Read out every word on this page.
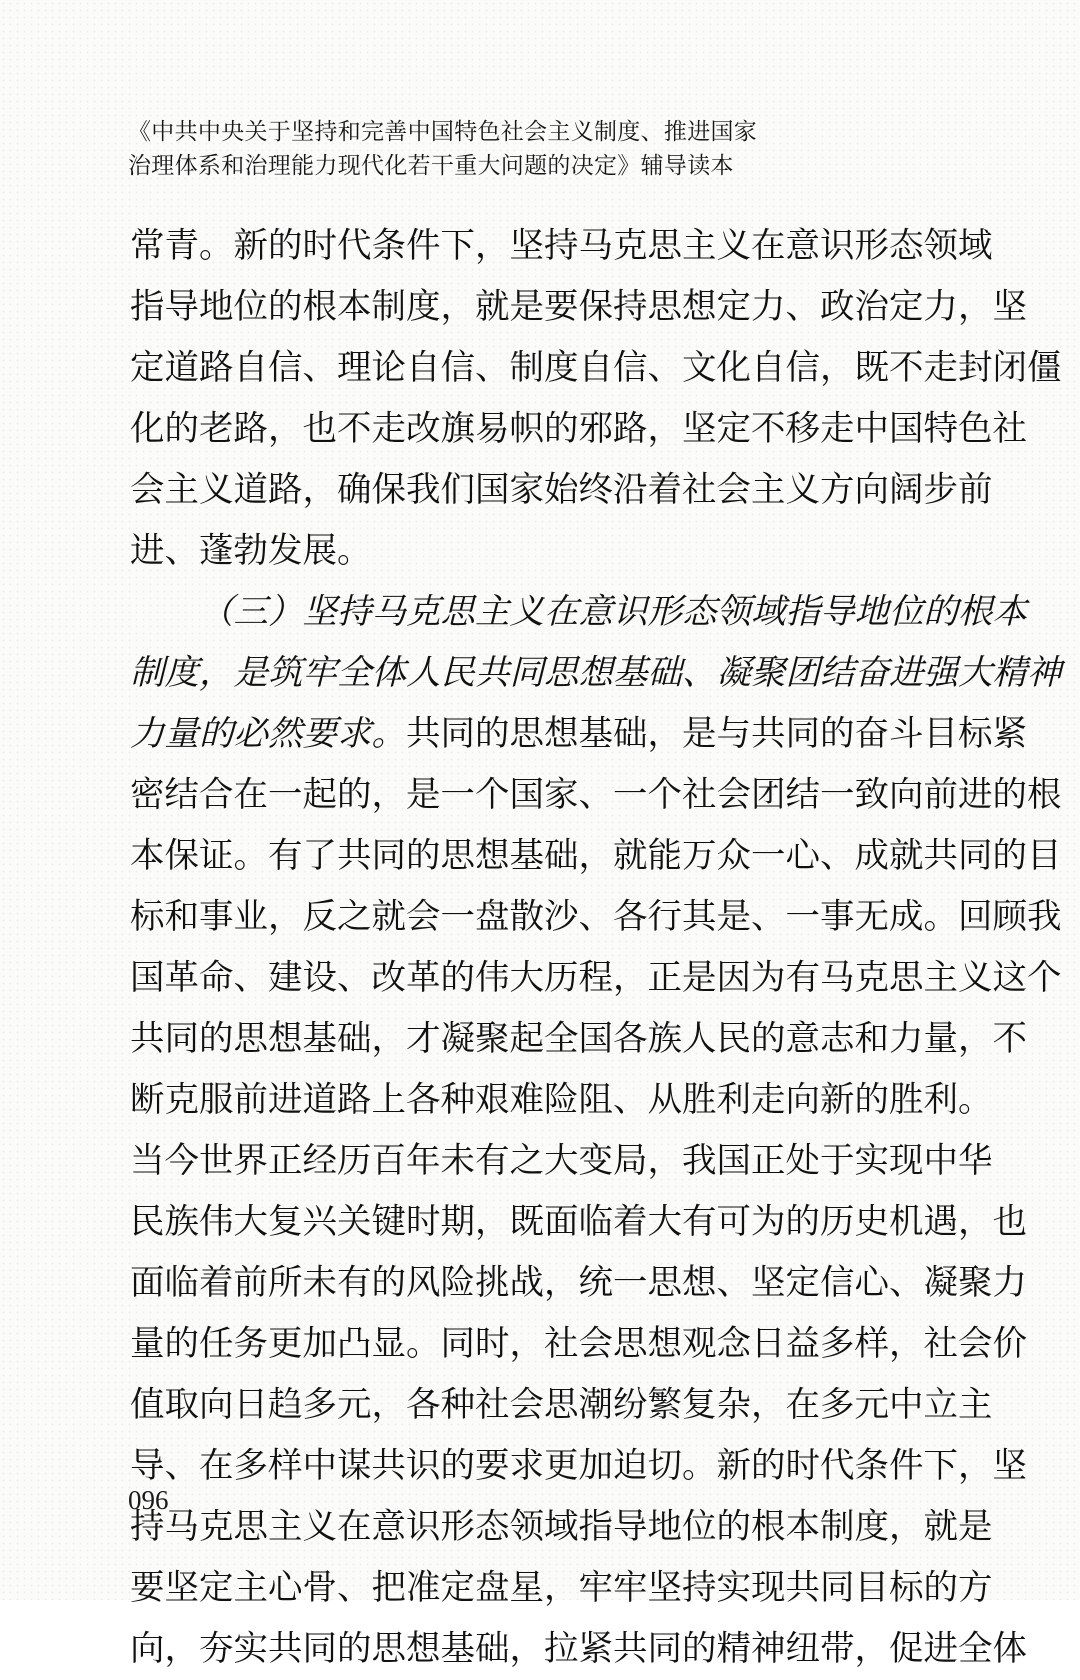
《中共中央关于坚持和完善中国特色社会主义制度、推进国家
治理体系和治理能力现代化若干重大问题的决定》辅导读本
常青。新的时代条件下，坚持马克思主义在意识形态领域
指导地位的根本制度，就是要保持思想定力、政治定力，坚
定道路自信、理论自信、制度自信、文化自信，既不走封闭僵
化的老路，也不走改旗易帜的邪路，坚定不移走中国特色社
会主义道路，确保我们国家始终沿着社会主义方向阔步前
进、蓬勃发展。
（三）坚持马克思主义在意识形态领域指导地位的根本
制度，是筑牢全体人民共同思想基础、凝聚团结奋进强大精神
力量的必然要求。共同的思想基础，是与共同的奋斗目标紧
密结合在一起的，是一个国家、一个社会团结一致向前进的根
本保证。有了共同的思想基础，就能万众一心、成就共同的目
标和事业，反之就会一盘散沙、各行其是、一事无成。回顾我
国革命、建设、改革的伟大历程，正是因为有马克思主义这个
共同的思想基础，才凝聚起全国各族人民的意志和力量，不
断克服前进道路上各种艰难险阻、从胜利走向新的胜利。
当今世界正经历百年未有之大变局，我国正处于实现中华
民族伟大复兴关键时期，既面临着大有可为的历史机遇，也
面临着前所未有的风险挑战，统一思想、坚定信心、凝聚力
量的任务更加凸显。同时，社会思想观念日益多样，社会价
值取向日趋多元，各种社会思潮纷繁复杂，在多元中立主
导、在多样中谋共识的要求更加迫切。新的时代条件下，坚
持马克思主义在意识形态领域指导地位的根本制度，就是
要坚定主心骨、把准定盘星，牢牢坚持实现共同目标的方
向，夯实共同的思想基础，拉紧共同的精神纽带，促进全体
096
